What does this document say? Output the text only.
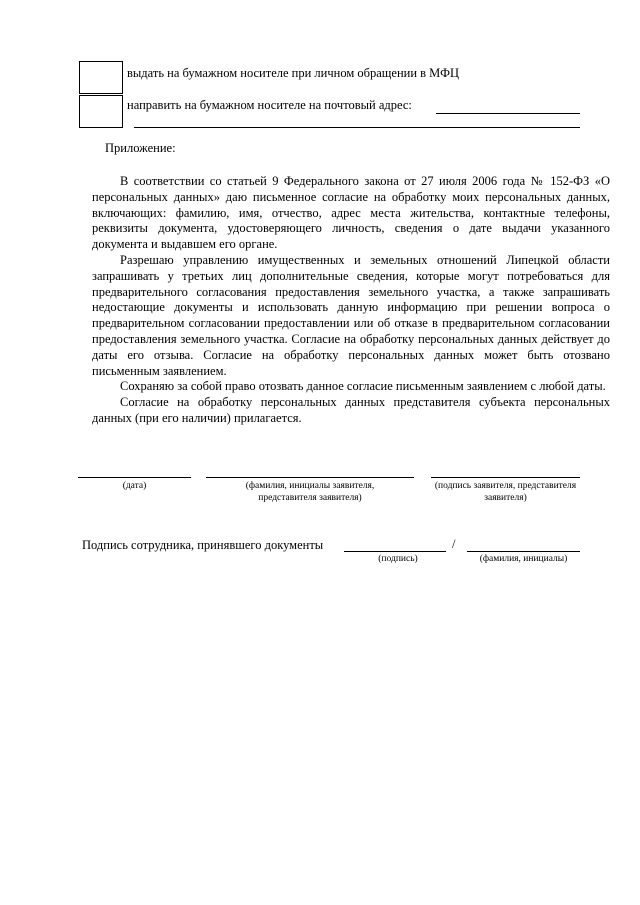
выдать на бумажном носителе при личном обращении в МФЦ
направить на бумажном носителе на почтовый адрес:
Приложение:

В соответствии со статьей 9 Федерального закона от 27 июля 2006 года № 152-ФЗ «О персональных данных» даю письменное согласие на обработку моих персональных данных, включающих: фамилию, имя, отчество, адрес места жительства, контактные телефоны, реквизиты документа, удостоверяющего личность, сведения о дате выдачи указанного документа и выдавшем его органе.

Разрешаю управлению имущественных и земельных отношений Липецкой области запрашивать у третьих лиц дополнительные сведения, которые могут потребоваться для предварительного согласования предоставления земельного участка, а также запрашивать недостающие документы и использовать данную информацию при решении вопроса о предварительном согласовании предоставлении или об отказе в предварительном согласовании предоставления земельного участка. Согласие на обработку персональных данных действует до даты его отзыва. Согласие на обработку персональных данных может быть отозвано письменным заявлением.

Сохраняю за собой право отозвать данное согласие письменным заявлением с любой даты.

Согласие на обработку персональных данных представителя субъекта персональных данных (при его наличии) прилагается.

(дата)	(фамилия, инициалы заявителя, представителя заявителя)
(подпись заявителя, представителя заявителя)
Подпись сотрудника, принявшего документы	/
(подпись)	(фамилия, инициалы)
